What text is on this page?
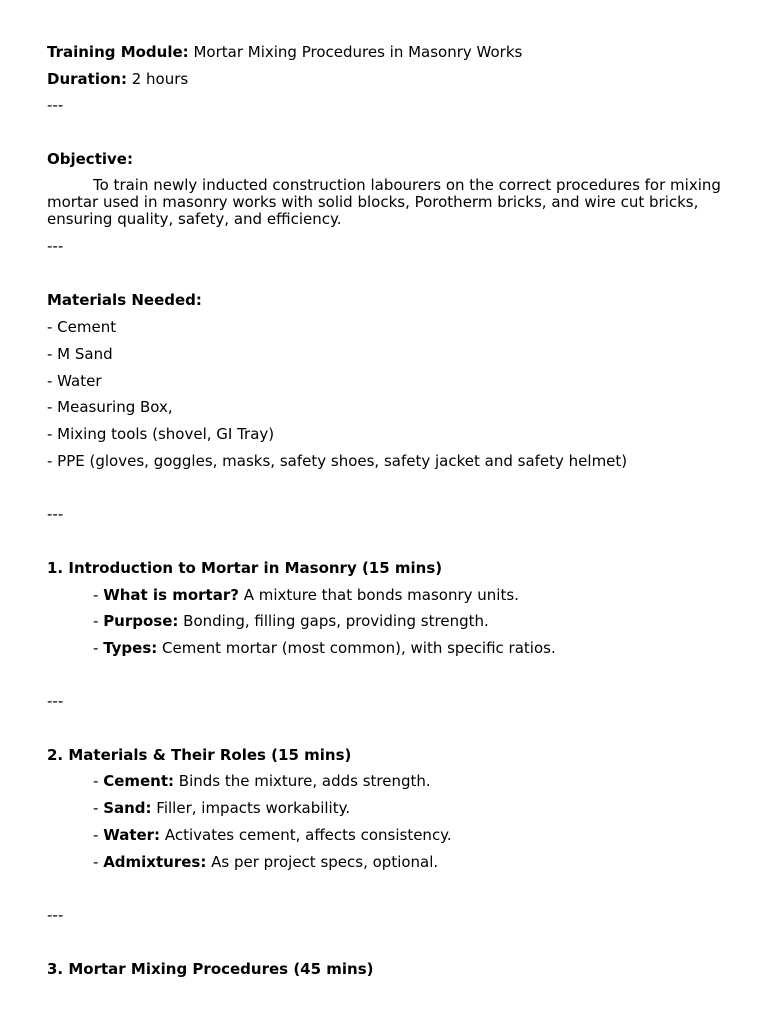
Training Module: Mortar Mixing Procedures in Masonry Works
Duration: 2 hours
---
Objective:
To train newly inducted construction labourers on the correct procedures for mixing mortar used in masonry works with solid blocks, Porotherm bricks, and wire cut bricks, ensuring quality, safety, and efficiency.
---
Materials Needed:
- Cement
- M Sand
- Water
- Measuring Box,
- Mixing tools (shovel, GI Tray)
- PPE (gloves, goggles, masks, safety shoes, safety jacket and safety helmet)
---
1. Introduction to Mortar in Masonry (15 mins)
- What is mortar? A mixture that bonds masonry units.
- Purpose: Bonding, filling gaps, providing strength.
- Types: Cement mortar (most common), with specific ratios.
---
2. Materials & Their Roles (15 mins)
- Cement: Binds the mixture, adds strength.
- Sand: Filler, impacts workability.
- Water: Activates cement, affects consistency.
- Admixtures: As per project specs, optional.
---
3. Mortar Mixing Procedures (45 mins)
